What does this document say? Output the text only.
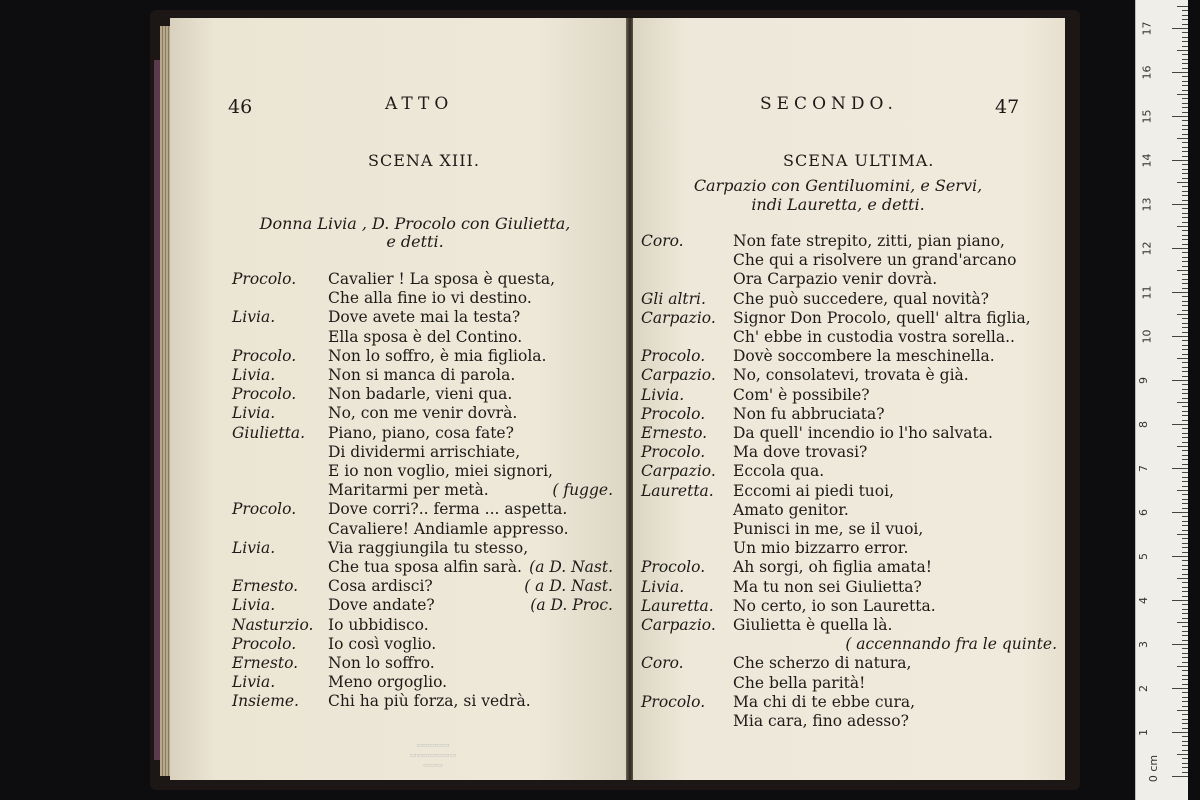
46	ATTO
SCENA XIII.
Donna Livia , D. Procolo con Giulietta,
e detti.
Procolo. Cavalier ! La sposa è questa,
Che alla fine io vi destino.
Livia.	Dove avete mai la testa?
Ella sposa è del Contino.
Procolo. Non lo soffro, è mia figliola.
Livia.	Non si manca di parola.
Procolo. Non badarle, vieni qua.
Livia.	No, con me venir dovrà.
Giulietta. Piano, piano, cosa fate?
Di dividermi arrischiate,
E io non voglio, miei signori,
Maritarmi per metà.	( fugge.
Procolo. Dove corri?.. ferma ... aspetta.
Cavaliere! Andiamle appresso.
Livia.	Via raggiungila tu stesso,
Che tua sposa alfin sarà. (a D. Nast.
Ernesto. Cosa ardisci?	( a D. Nast.
Livia.	Dove andate?	(a D. Proc.
Nasturzio. Io ubbidisco.
Procolo. Io così voglio.
Ernesto. Non lo soffro.
Livia.	Meno orgoglio.
Insieme. Chi ha più forza, si vedrà.
▭▭▭▭▭
▭▭▭▭▭▭▭
▭▭▭
SECONDO.	47
SCENA ULTIMA.
Carpazio con Gentiluomini, e Servi,
indi Lauretta, e detti.
Coro.	Non fate strepito, zitti, pian piano,
Che qui a risolvere un grand'arcano
Ora Carpazio venir dovrà.
Gli altri. Che può succedere, qual novità?
Carpazio. Signor Don Procolo, quell' altra figlia,
Ch' ebbe in custodia vostra sorella..
Procolo. Dovè soccombere la meschinella.
Carpazio. No, consolatevi, trovata è già.
Livia.	Com' è possibile?
Procolo. Non fu abbruciata?
Ernesto. Da quell' incendio io l'ho salvata.
Procolo. Ma dove trovasi?
Carpazio. Eccola qua.
Lauretta. Eccomi ai piedi tuoi,
Amato genitor.
Punisci in me, se il vuoi,
Un mio bizzarro error.
Procolo. Ah sorgi, oh figlia amata!
Livia.	Ma tu non sei Giulietta?
Lauretta. No certo, io son Lauretta.
Carpazio. Giulietta è quella là.
( accennando fra le quinte.
Coro.	Che scherzo di natura,
Che bella parità!
Procolo. Ma chi di te ebbe cura,
Mia cara, fino adesso?
0 cm
1
2
3
4
5
6
7
8
9
10
11
12
13
14
15
16
17
